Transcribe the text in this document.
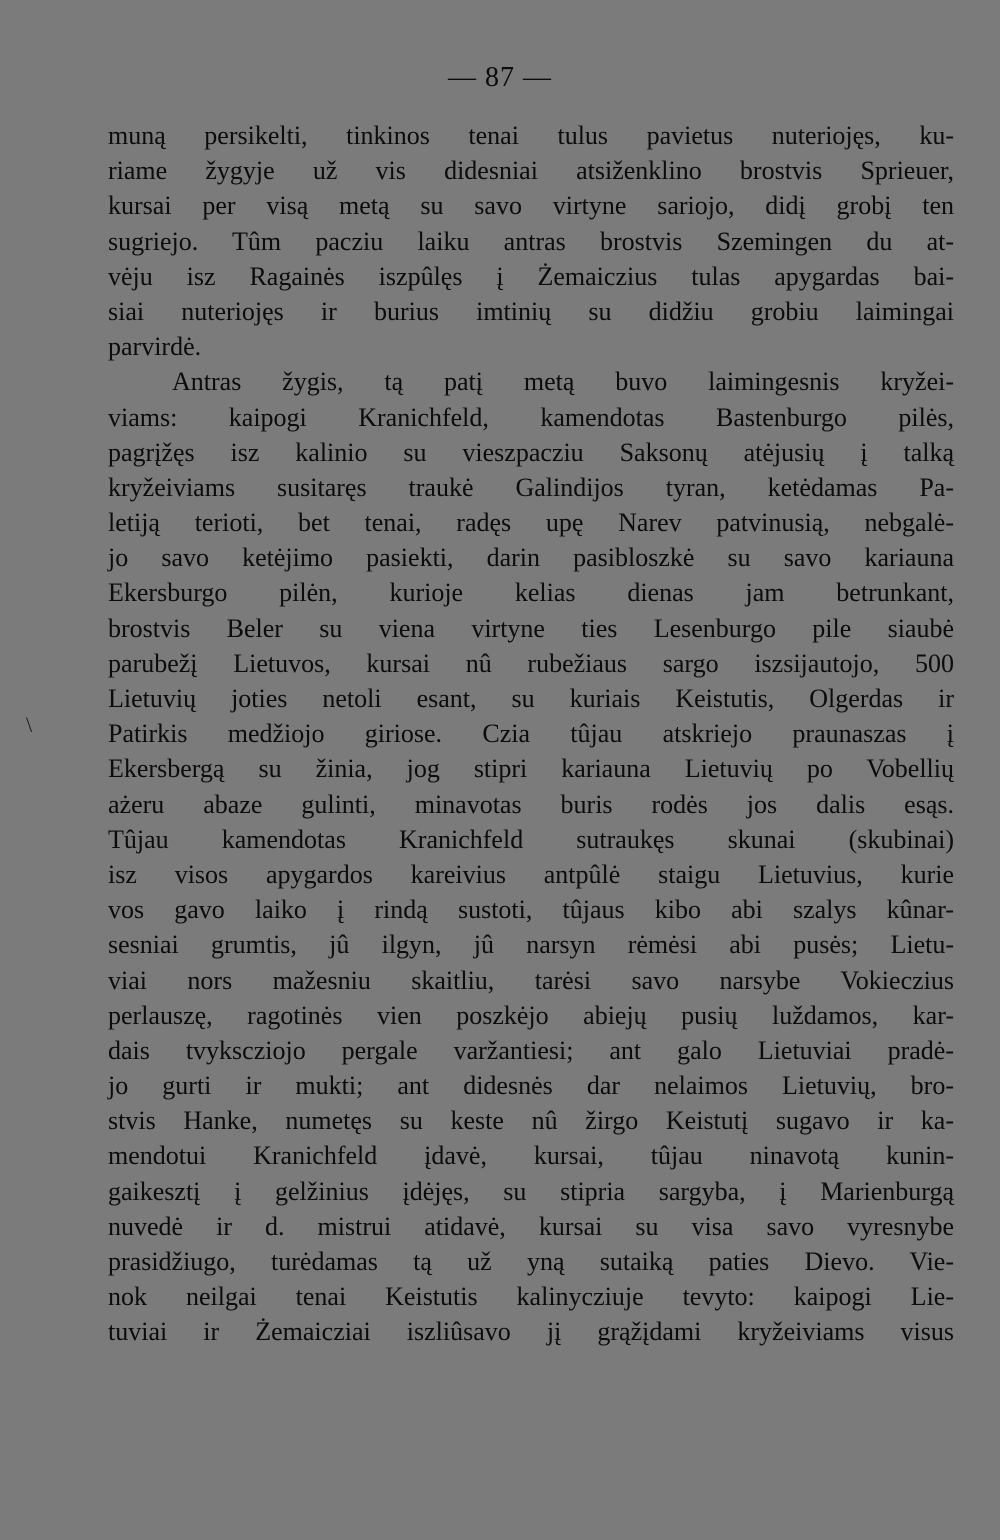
— 87 —
\
muną persikelti, tinkinos tenai tulus pavietus nuteriojęs, ku-
riame žygyje už vis didesniai atsiženklino brostvis Sprieuer,
kursai per visą metą su savo virtyne sariojo, didį grobį ten
sugriejo. Tûm pacziu laiku antras brostvis Szemingen du at-
vėju isz Ragainės iszpûlęs į Żemaiczius tulas apygardas bai-
siai nuteriojęs ir burius imtinių su didžiu grobiu laimingai
parvirdė.
Antras žygis, tą patį metą buvo laimingesnis kryžei-
viams: kaipogi Kranichfeld, kamendotas Bastenburgo pilės,
pagrįžęs isz kalinio su vieszpacziu Saksonų atėjusių į talką
kryžeiviams susitaręs traukė Galindijos tyran, ketėdamas Pa-
letiją terioti, bet tenai, radęs upę Narev patvinusią, nebgalė-
jo savo ketėjimo pasiekti, darin pasibloszkė su savo kariauna
Ekersburgo pilėn, kurioje kelias dienas jam betrunkant,
brostvis Beler su viena virtyne ties Lesenburgo pile siaubė
parubežį Lietuvos, kursai nû rubežiaus sargo iszsijautojo, 500
Lietuvių joties netoli esant, su kuriais Keistutis, Olgerdas ir
Patirkis medžiojo giriose. Czia tûjau atskriejo praunaszas į
Ekersbergą su žinia, jog stipri kariauna Lietuvių po Vobellių
ażeru abaze gulinti, minavotas buris rodės jos dalis esąs.
Tûjau kamendotas Kranichfeld sutraukęs skunai (skubinai)
isz visos apygardos kareivius antpûlė staigu Lietuvius, kurie
vos gavo laiko į rindą sustoti, tûjaus kibo abi szalys kûnar-
sesniai grumtis, jû ilgyn, jû narsyn rėmėsi abi pusės; Lietu-
viai nors mažesniu skaitliu, tarėsi savo narsybe Vokieczius
perlauszę, ragotinės vien poszkėjo abiejų pusių luždamos, kar-
dais tvykscziojo pergale varžantiesi; ant galo Lietuviai pradė-
jo gurti ir mukti; ant didesnės dar nelaimos Lietuvių, bro-
stvis Hanke, numetęs su keste nû žirgo Keistutį sugavo ir ka-
mendotui Kranichfeld įdavė, kursai, tûjau ninavotą kunin-
gaikesztį į gelžinius įdėjęs, su stipria sargyba, į Marienburgą
nuvedė ir d. mistrui atidavė, kursai su visa savo vyresnybe
prasidžiugo, turėdamas tą už yną sutaiką paties Dievo. Vie-
nok neilgai tenai Keistutis kalinycziuje tevyto: kaipogi Lie-
tuviai ir Żemaicziai iszliûsavo jį grąžįdami kryžeiviams visus
